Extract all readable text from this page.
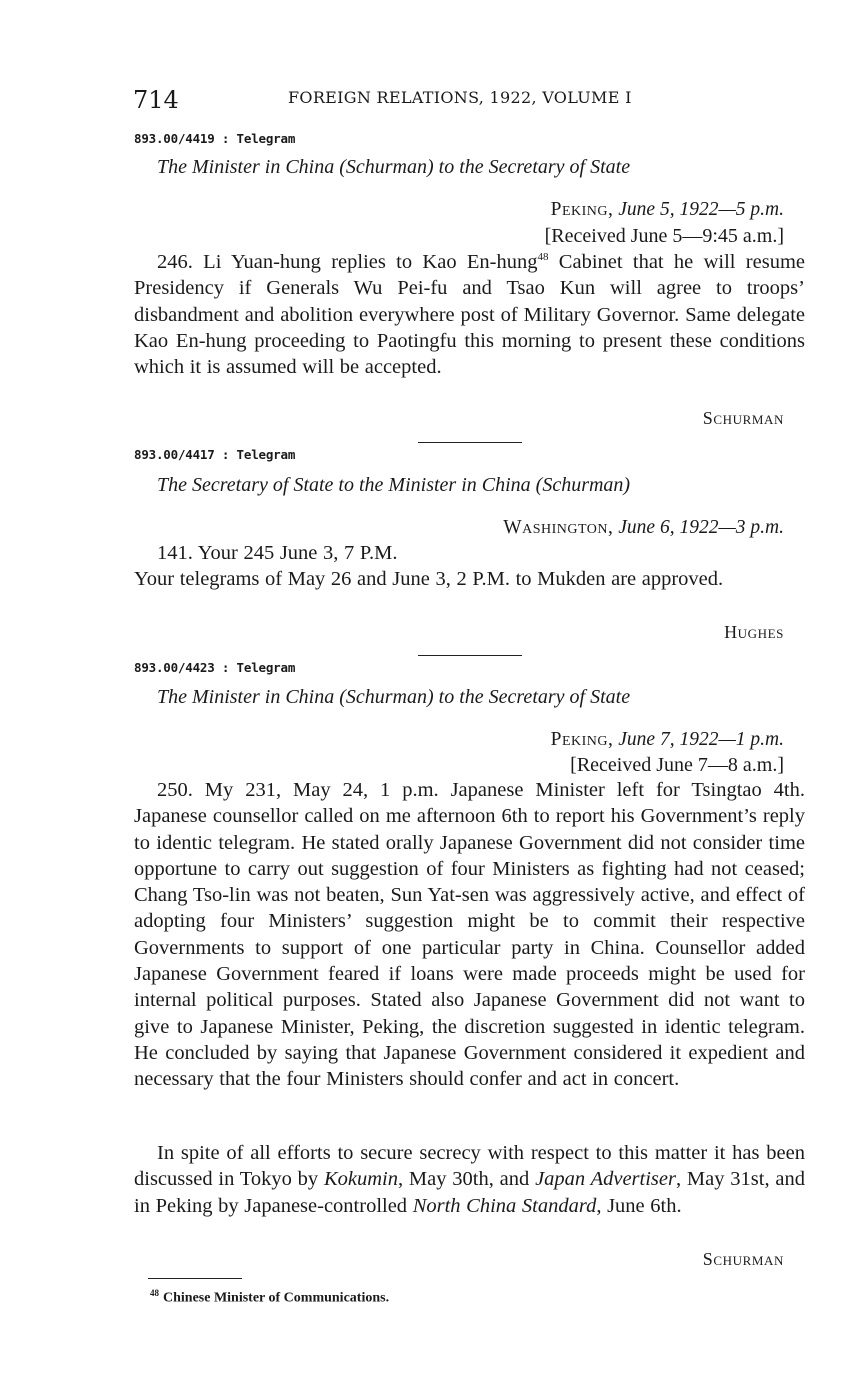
714	FOREIGN RELATIONS, 1922, VOLUME I
893.00/4419 : Telegram
The Minister in China (Schurman) to the Secretary of State
Peking, June 5, 1922—5 p.m.
[Received June 5—9:45 a.m.]

246. Li Yuan-hung replies to Kao En-hung$^{48}$ Cabinet that he will resume Presidency if Generals Wu Pei-fu and Tsao Kun will agree to troops’ disbandment and abolition everywhere post of Military Governor. Same delegate Kao En-hung proceeding to Paotingfu this morning to present these conditions which it is assumed will be accepted.

Schurman
893.00/4417 : Telegram
The Secretary of State to the Minister in China (Schurman)
Washington, June 6, 1922—3 p.m.

141. Your 245 June 3, 7 P.M.

Your telegrams of May 26 and June 3, 2 P.M. to Mukden are approved.

Hughes
893.00/4423 : Telegram
The Minister in China (Schurman) to the Secretary of State
Peking, June 7, 1922—1 p.m.
[Received June 7—8 a.m.]

250. My 231, May 24, 1 p.m. Japanese Minister left for Tsingtao 4th. Japanese counsellor called on me afternoon 6th to report his Government’s reply to identic telegram. He stated orally Japanese Government did not consider time opportune to carry out suggestion of four Ministers as fighting had not ceased; Chang Tso-lin was not beaten, Sun Yat-sen was aggressively active, and effect of adopting four Ministers’ suggestion might be to commit their respective Governments to support of one particular party in China. Counsellor added Japanese Government feared if loans were made proceeds might be used for internal political purposes. Stated also Japanese Government did not want to give to Japanese Minister, Peking, the discretion suggested in identic telegram. He concluded by saying that Japanese Government considered it expedient and necessary that the four Ministers should confer and act in concert.

In spite of all efforts to secure secrecy with respect to this matter it has been discussed in Tokyo by Kokumin, May 30th, and Japan Advertiser, May 31st, and in Peking by Japanese-controlled North China Standard, June 6th.

Schurman
$^{48}$ Chinese Minister of Communications.
